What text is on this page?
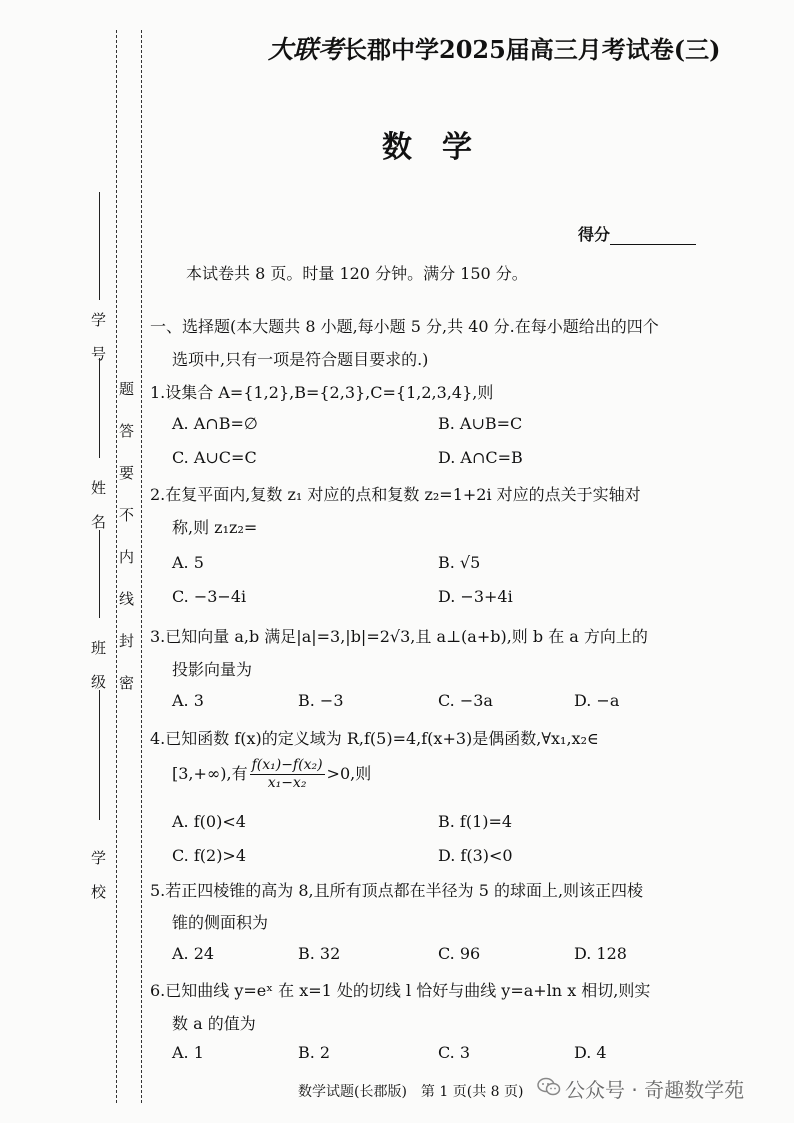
学　号
姓　名
班　级
学　校
题
答
要
不
内
线
封
密
大联考长郡中学2025届高三月考试卷(三)
数　学
得分
本试卷共 8 页。时量 120 分钟。满分 150 分。
一、选择题(本大题共 8 小题,每小题 5 分,共 40 分.在每小题给出的四个
选项中,只有一项是符合题目要求的.)
1.设集合 A={1,2},B={2,3},C={1,2,3,4},则
A. A∩B=∅	B. A∪B=C
C. A∪C=C	D. A∩C=B
2.在复平面内,复数 z₁ 对应的点和复数 z₂=1+2i 对应的点关于实轴对
称,则 z₁z₂=
A. 5	B. √5
C. −3−4i	D. −3+4i
3.已知向量 a,b 满足|a|=3,|b|=2√3,且 a⊥(a+b),则 b 在 a 方向上的
投影向量为
A. 3	B. −3	C. −3a	D. −a
4.已知函数 f(x)的定义域为 R,f(5)=4,f(x+3)是偶函数,∀x₁,x₂∈
[3,+∞),有 $\frac{\text{f(x₁)−f(x₂)}}{\text{x₁−x₂}} >0$,则
A. f(0)<4	B. f(1)=4
C. f(2)>4	D. f(3)<0
5.若正四棱锥的高为 8,且所有顶点都在半径为 5 的球面上,则该正四棱
锥的侧面积为
A. 24	B. 32	C. 96	D. 128
6.已知曲线 y=eˣ 在 x=1 处的切线 l 恰好与曲线 y=a+ln x 相切,则实
数 a 的值为
A. 1	B. 2	C. 3	D. 4
数学试题(长郡版)　第 1 页(共 8 页) 公众号 · 奇趣数学苑
